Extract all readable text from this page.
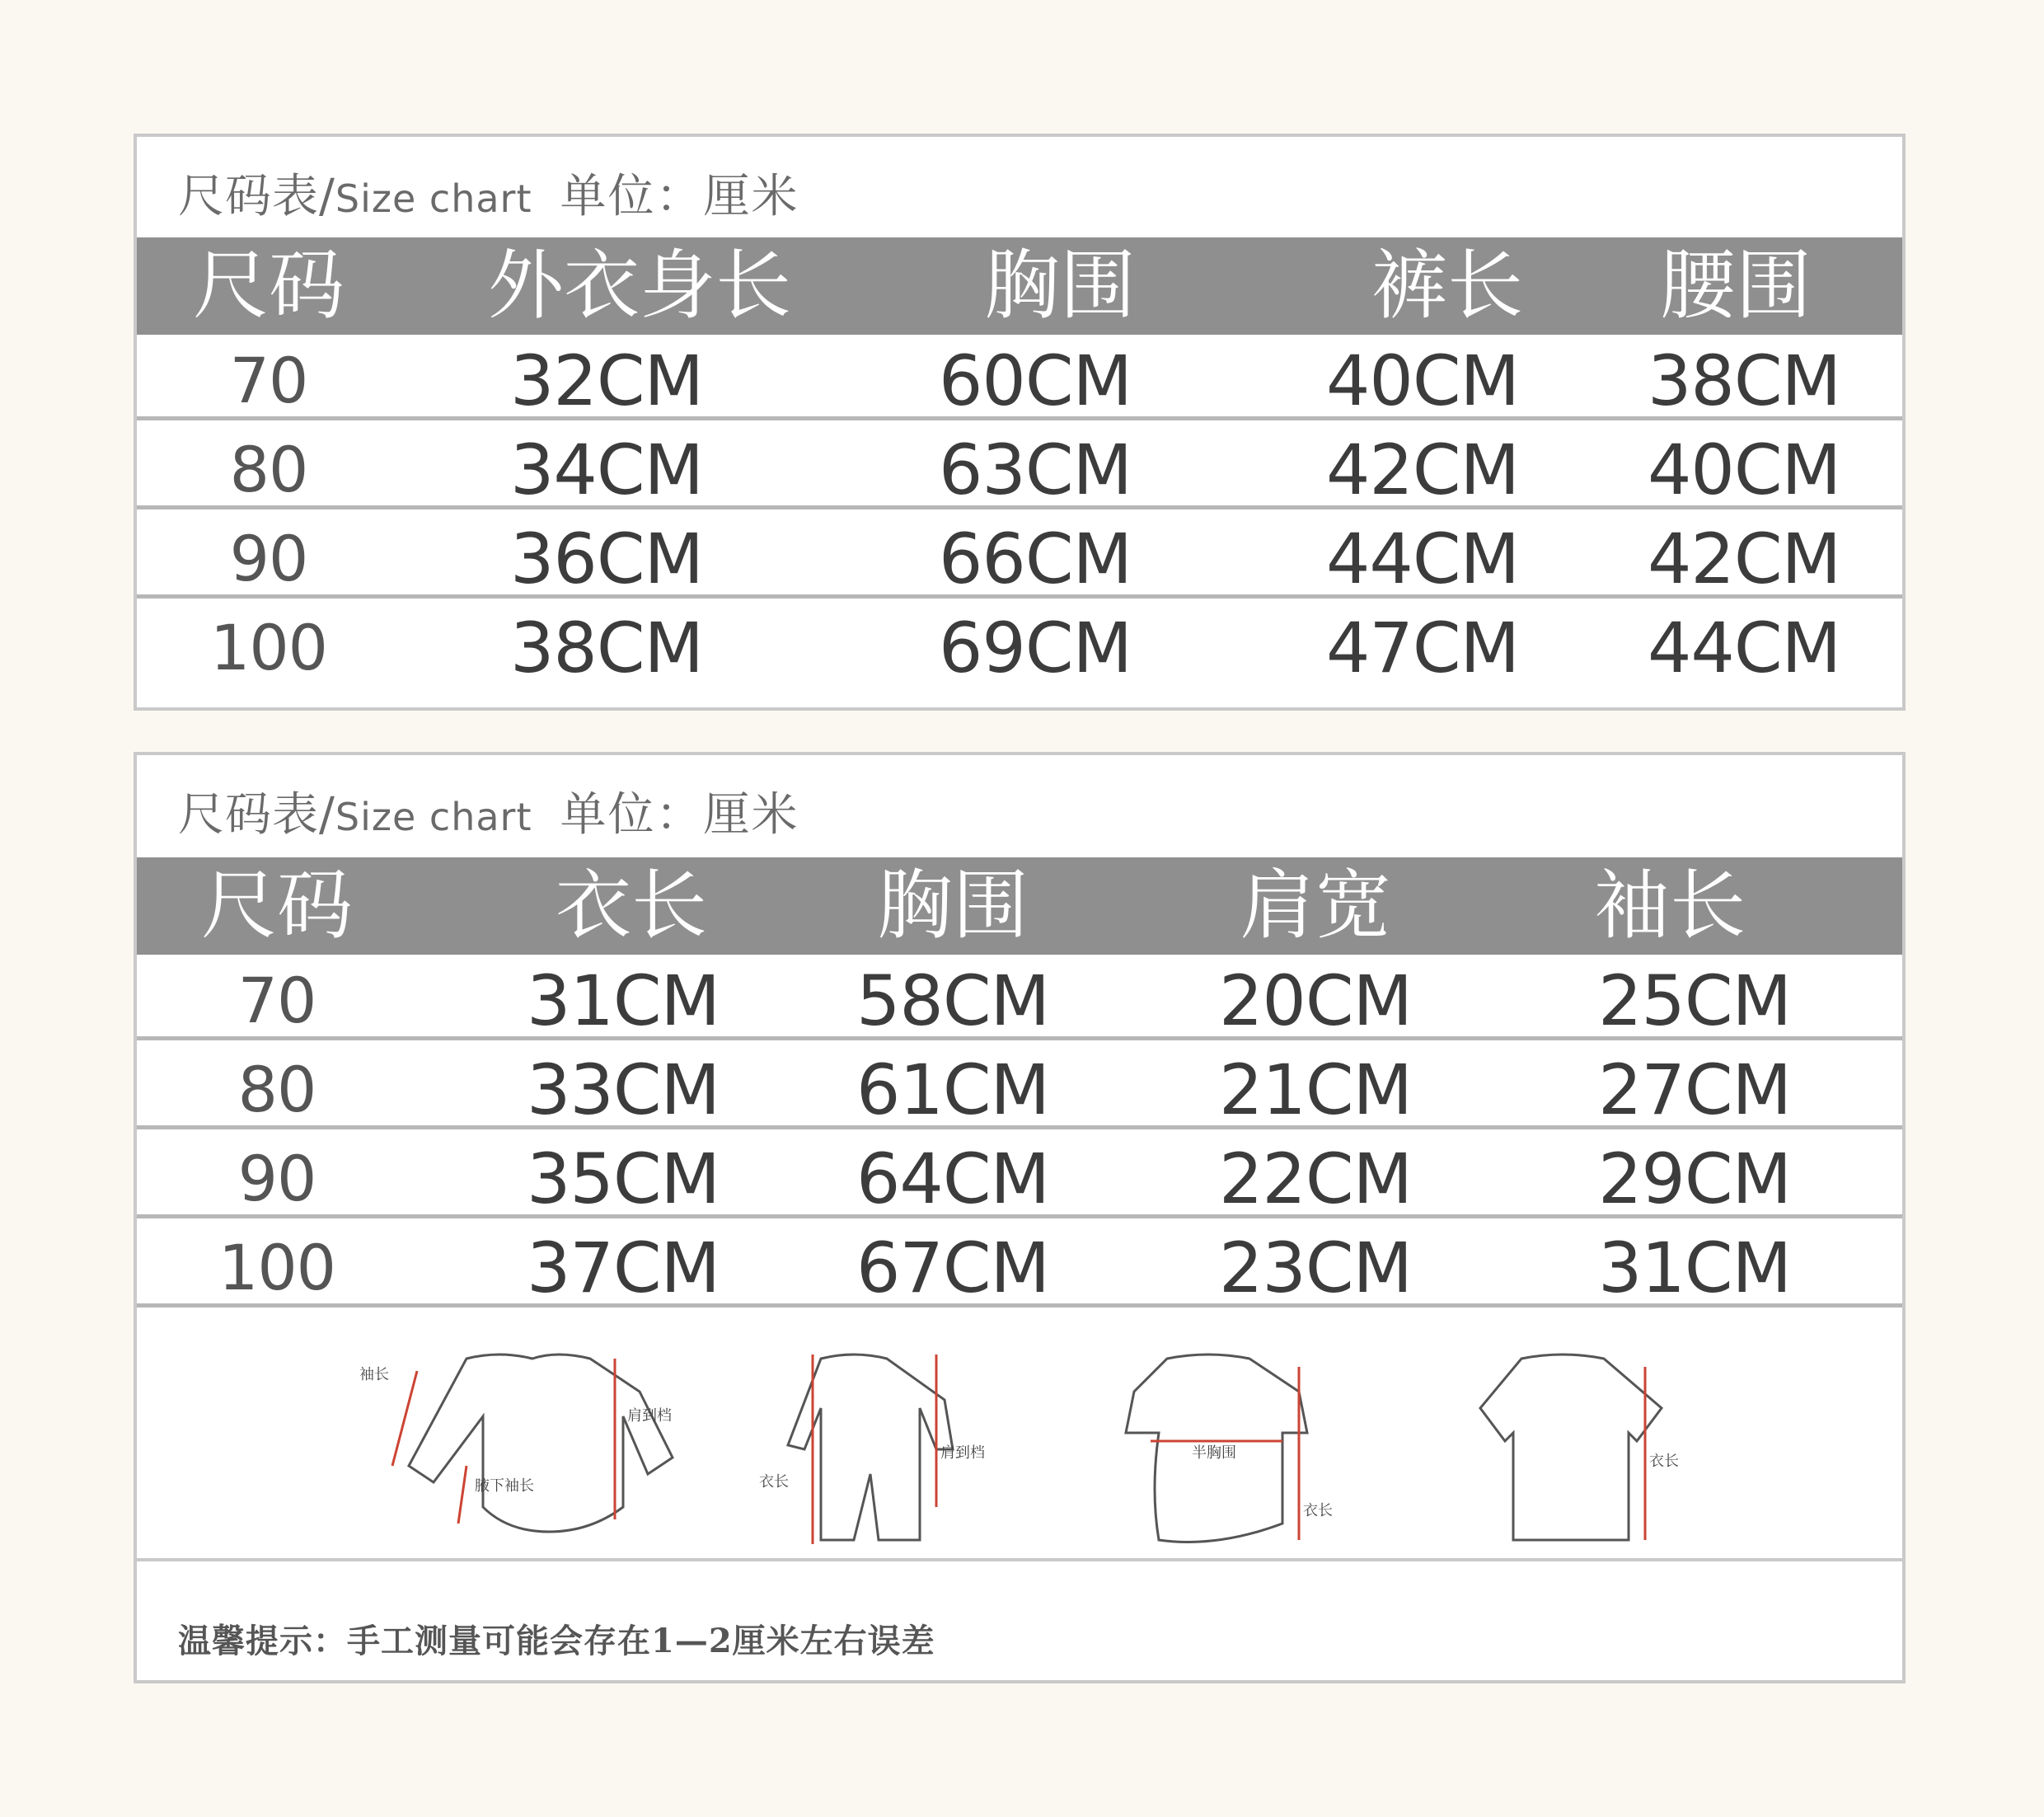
尺码表/Size chart 单位：厘米
尺码 外衣身长	胸围	裤长	腰围
70	32CM	60CM	40CM	38CM
80	34CM	63CM	42CM	40CM
90	36CM	66CM	44CM	42CM
100	38CM	69CM	47CM	44CM
尺码表/Size chart 单位：厘米
尺码	衣长	胸围	肩宽	袖长
70	31CM	58CM	20CM	25CM
80	33CM	61CM	21CM	27CM
90	35CM	64CM	22CM	29CM
100	37CM	67CM	23CM	31CM
袖长
肩到档
腋下袖长	衣长
肩到档	半胸围
衣长
衣长
温馨提示：手工测量可能会存在1—2厘米左右误差
